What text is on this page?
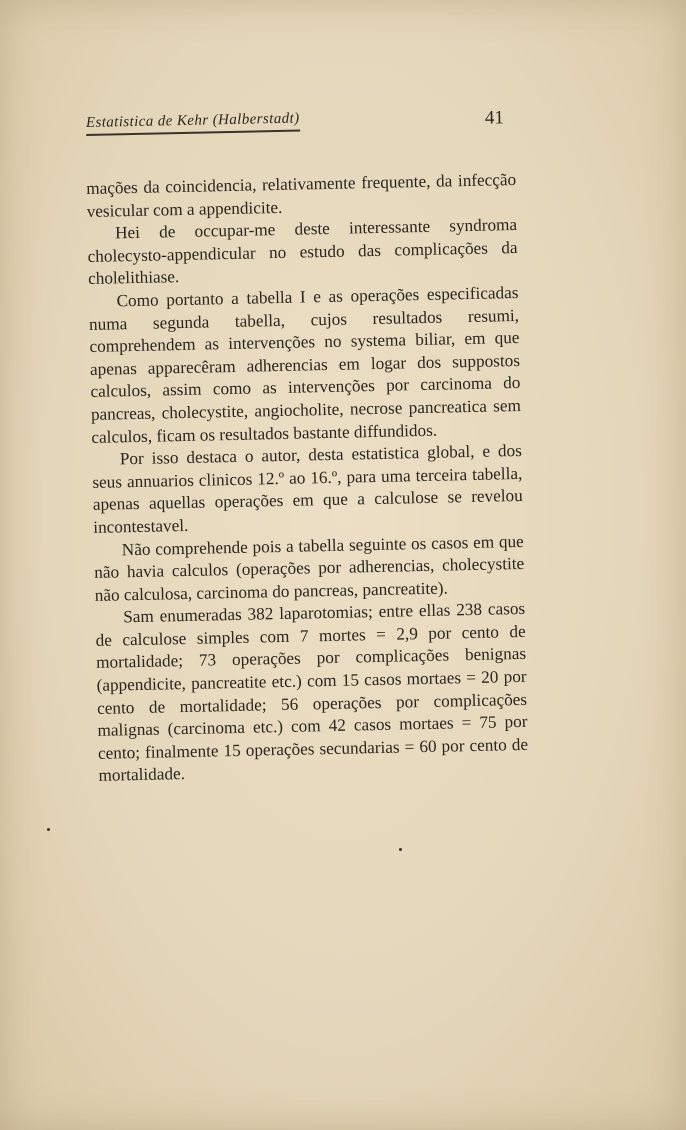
Estatistica de Kehr (Halberstadt)	41

mações da coincidencia, relativamente frequente, da infecção vesicular com a appendicite.

Hei de occupar-me deste interessante syndroma cholecysto-appendicular no estudo das complicações da cholelithiase.

Como portanto a tabella I e as operações especificadas numa segunda tabella, cujos resultados resumi, comprehendem as intervenções no systema biliar, em que apenas apparecêram adherencias em logar dos suppostos calculos, assim como as intervenções por carcinoma do pancreas, cholecystite, angiocholite, necrose pancreatica sem calculos, ficam os resultados bastante diffundidos.

Por isso destaca o autor, desta estatistica global, e dos seus annuarios clinicos 12.º ao 16.º, para uma terceira tabella, apenas aquellas operações em que a calculose se revelou incontestavel.

Não comprehende pois a tabella seguinte os casos em que não havia calculos (operações por adherencias, cholecystite não calculosa, carcinoma do pancreas, pancreatite).

Sam enumeradas 382 laparotomias; entre ellas 238 casos de calculose simples com 7 mortes = 2,9 por cento de mortalidade; 73 operações por complicações benignas (appendicite, pancreatite etc.) com 15 casos mortaes = 20 por cento de mortalidade; 56 operações por complicações malignas (carcinoma etc.) com 42 casos mortaes = 75 por cento; finalmente 15 operações secundarias = 60 por cento de mortalidade.
